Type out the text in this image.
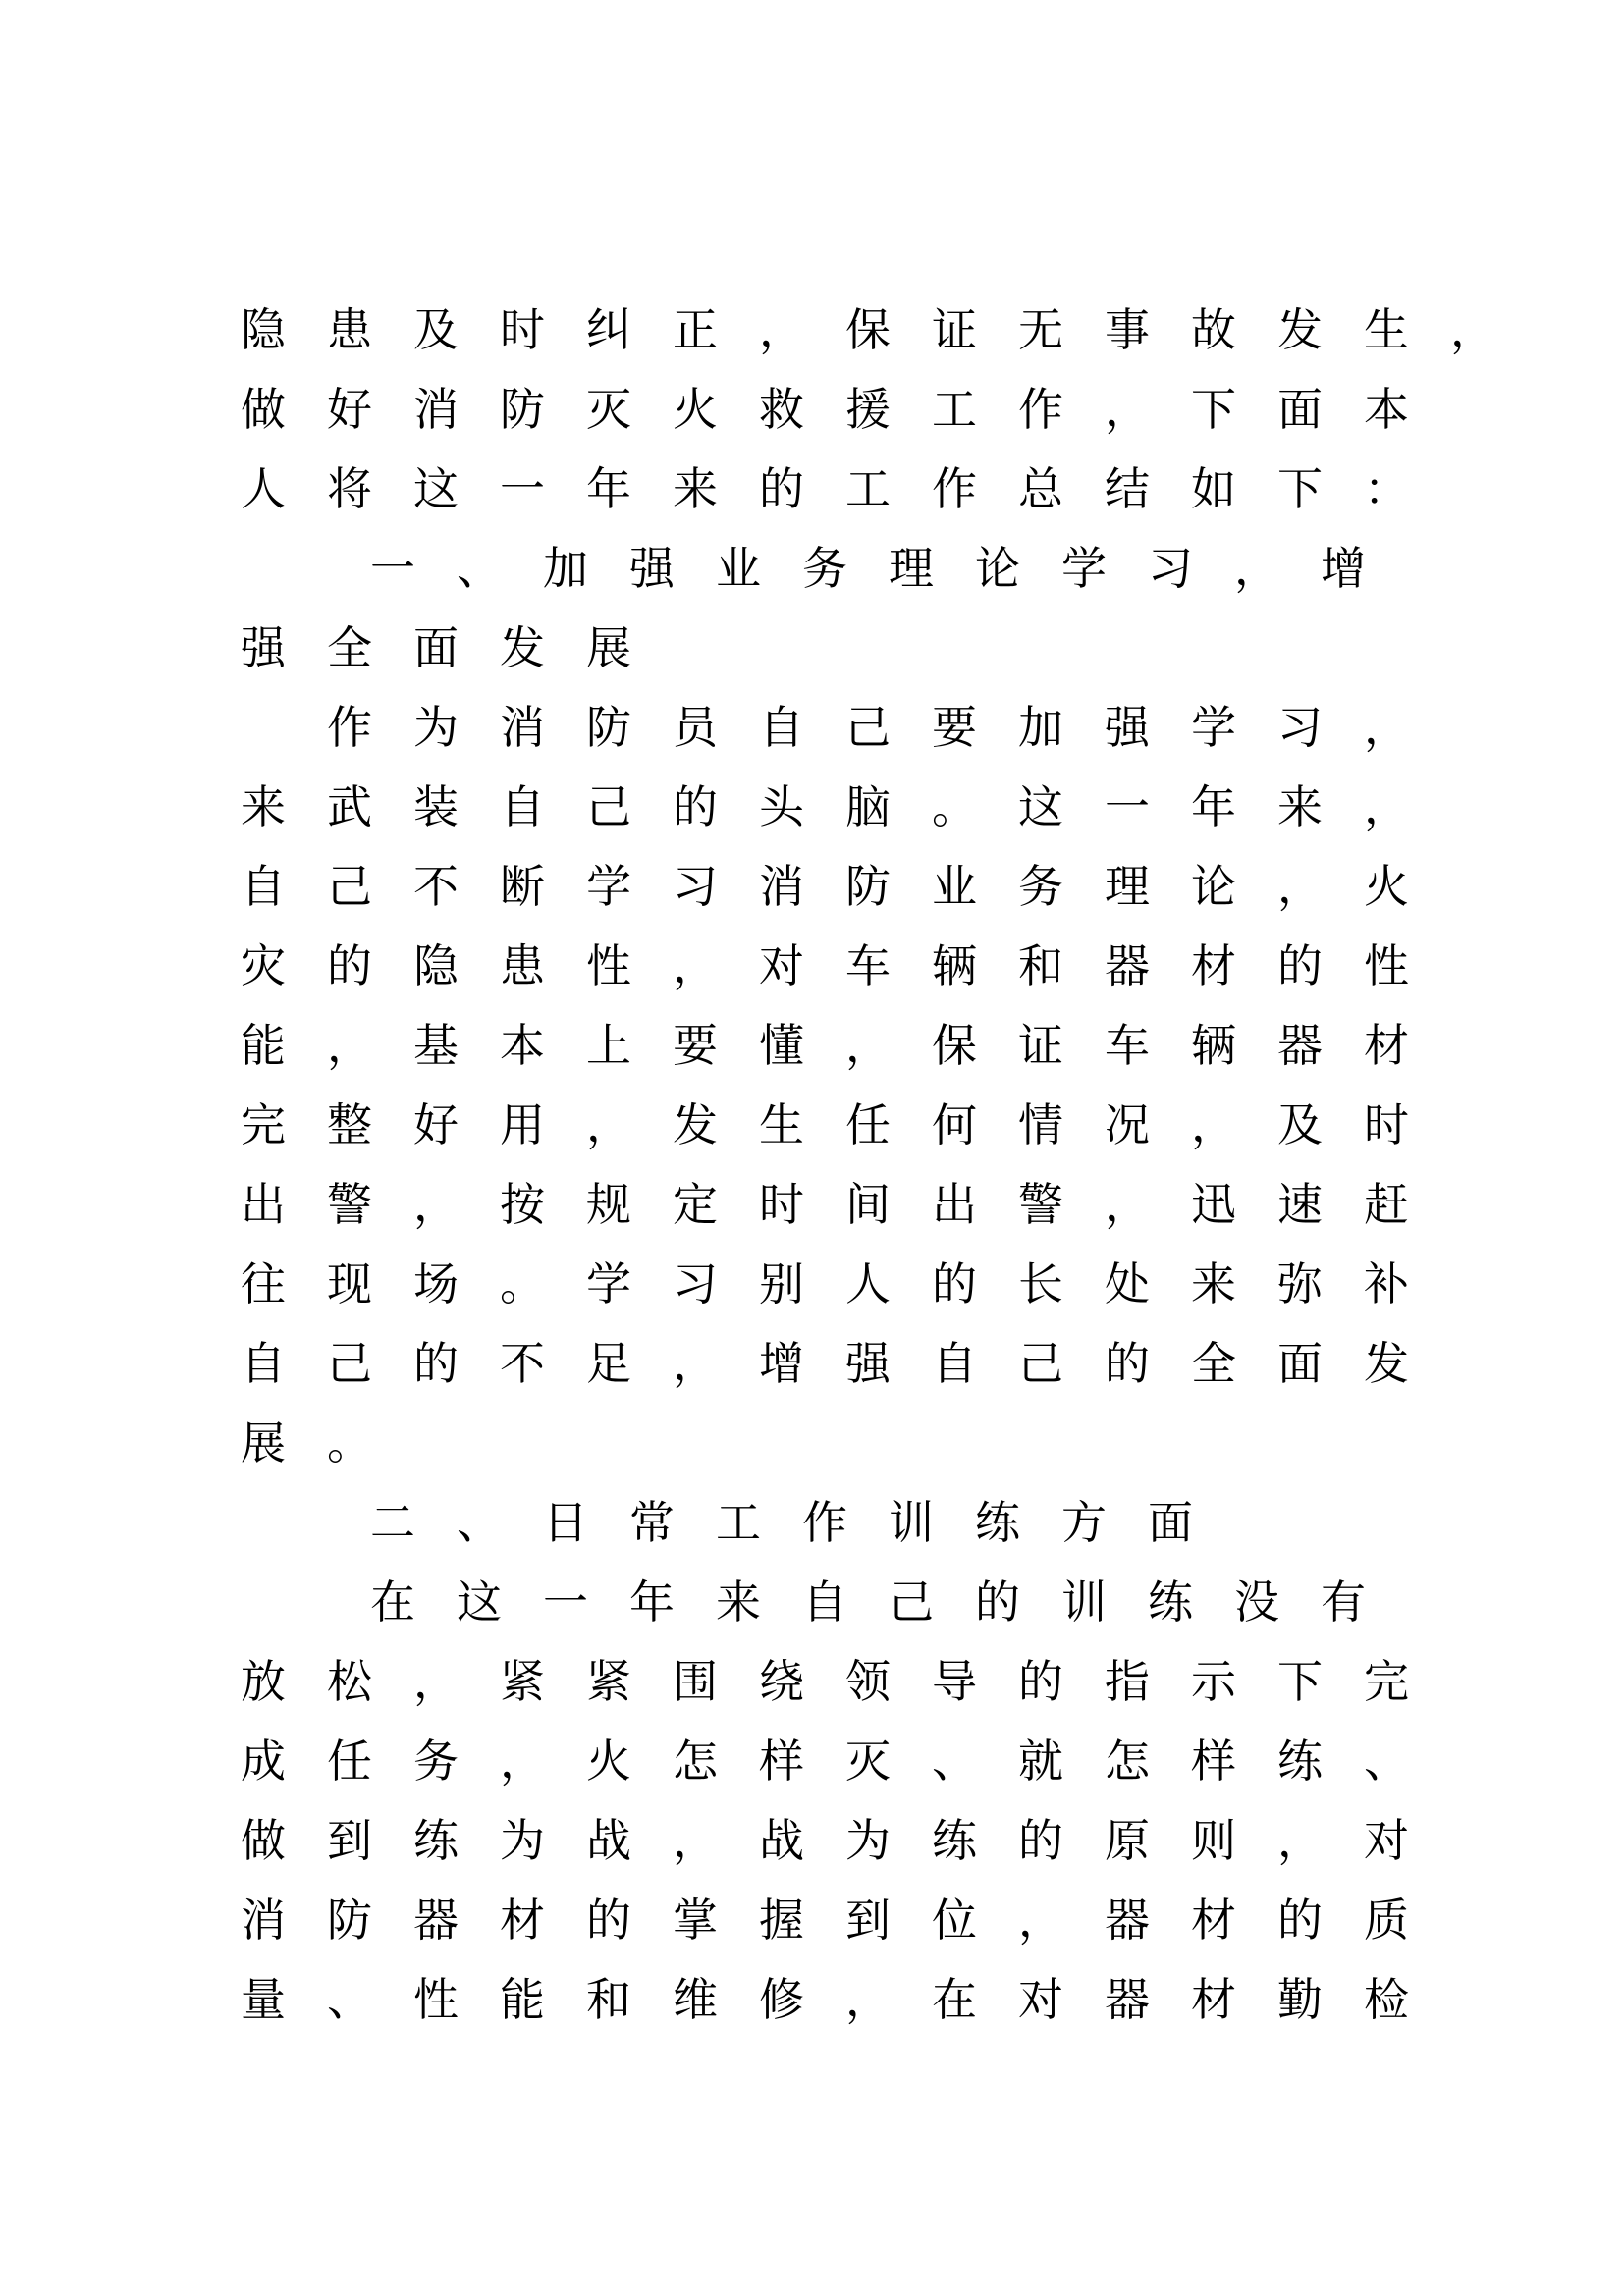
隐 患 及 时 纠 正 ， 保 证 无 事 故 发 生 ，
做 好 消 防 灭 火 救 援 工 作 ， 下 面 本
人 将 这 一 年 来 的 工 作 总 结 如 下 ：
一 、 加 强 业 务 理 论 学 习 ， 增
强 全 面 发 展
作 为 消 防 员 自 己 要 加 强 学 习 ，
来 武 装 自 己 的 头 脑 。 这 一 年 来 ，
自 己 不 断 学 习 消 防 业 务 理 论 ， 火
灾 的 隐 患 性 ， 对 车 辆 和 器 材 的 性
能 ， 基 本 上 要 懂 ， 保 证 车 辆 器 材
完 整 好 用 ， 发 生 任 何 情 况 ， 及 时
出 警 ， 按 规 定 时 间 出 警 ， 迅 速 赶
往 现 场 。 学 习 别 人 的 长 处 来 弥 补
自 己 的 不 足 ， 增 强 自 己 的 全 面 发
展 。
二 、 日 常 工 作 训 练 方 面
在 这 一 年 来 自 己 的 训 练 没 有
放 松 ， 紧 紧 围 绕 领 导 的 指 示 下 完
成 任 务 ， 火 怎 样 灭 、 就 怎 样 练 、
做 到 练 为 战 ， 战 为 练 的 原 则 ， 对
消 防 器 材 的 掌 握 到 位 ， 器 材 的 质
量 、 性 能 和 维 修 ， 在 对 器 材 勤 检
